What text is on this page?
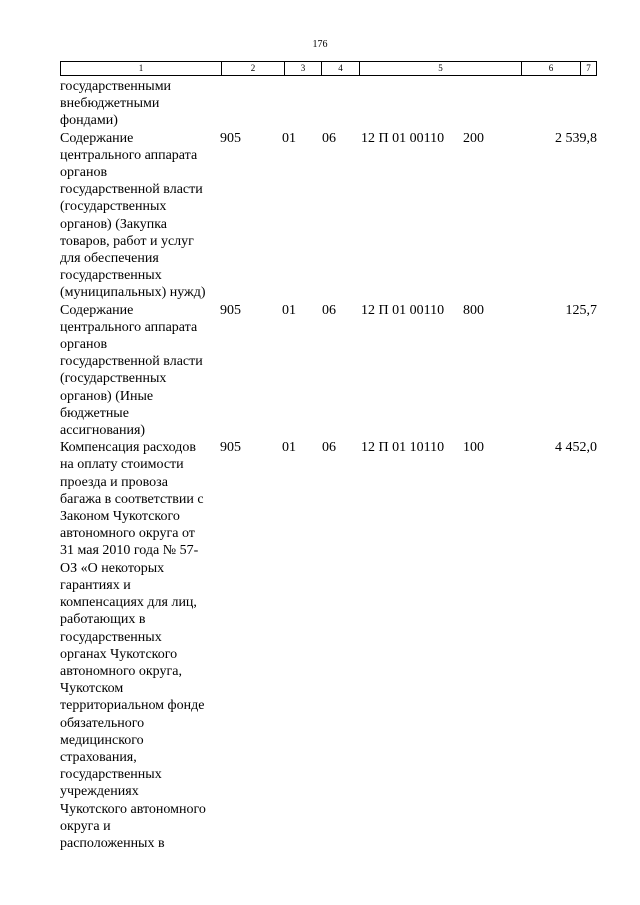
176
1	2	3	4	5	6	7
государственными
внебюджетными
фондами)
Содержание
центрального аппарата
органов
государственной власти
(государственных
органов) (Закупка
товаров, работ и услуг
для обеспечения
государственных
(муниципальных) нужд)
905	01	06	12 П 01 00110	200	2 539,8
Содержание
центрального аппарата
органов
государственной власти
(государственных
органов) (Иные
бюджетные
ассигнования)
905	01	06	12 П 01 00110	800	125,7
Компенсация расходов
на оплату стоимости
проезда и провоза
багажа в соответствии с
Законом Чукотского
автономного округа от
31 мая 2010 года № 57-
ОЗ «О некоторых
гарантиях и
компенсациях для лиц,
работающих в
государственных
органах Чукотского
автономного округа,
Чукотском
территориальном фонде
обязательного
медицинского
страхования,
государственных
учреждениях
Чукотского автономного
округа и
расположенных в
905	01	06	12 П 01 10110	100	4 452,0
